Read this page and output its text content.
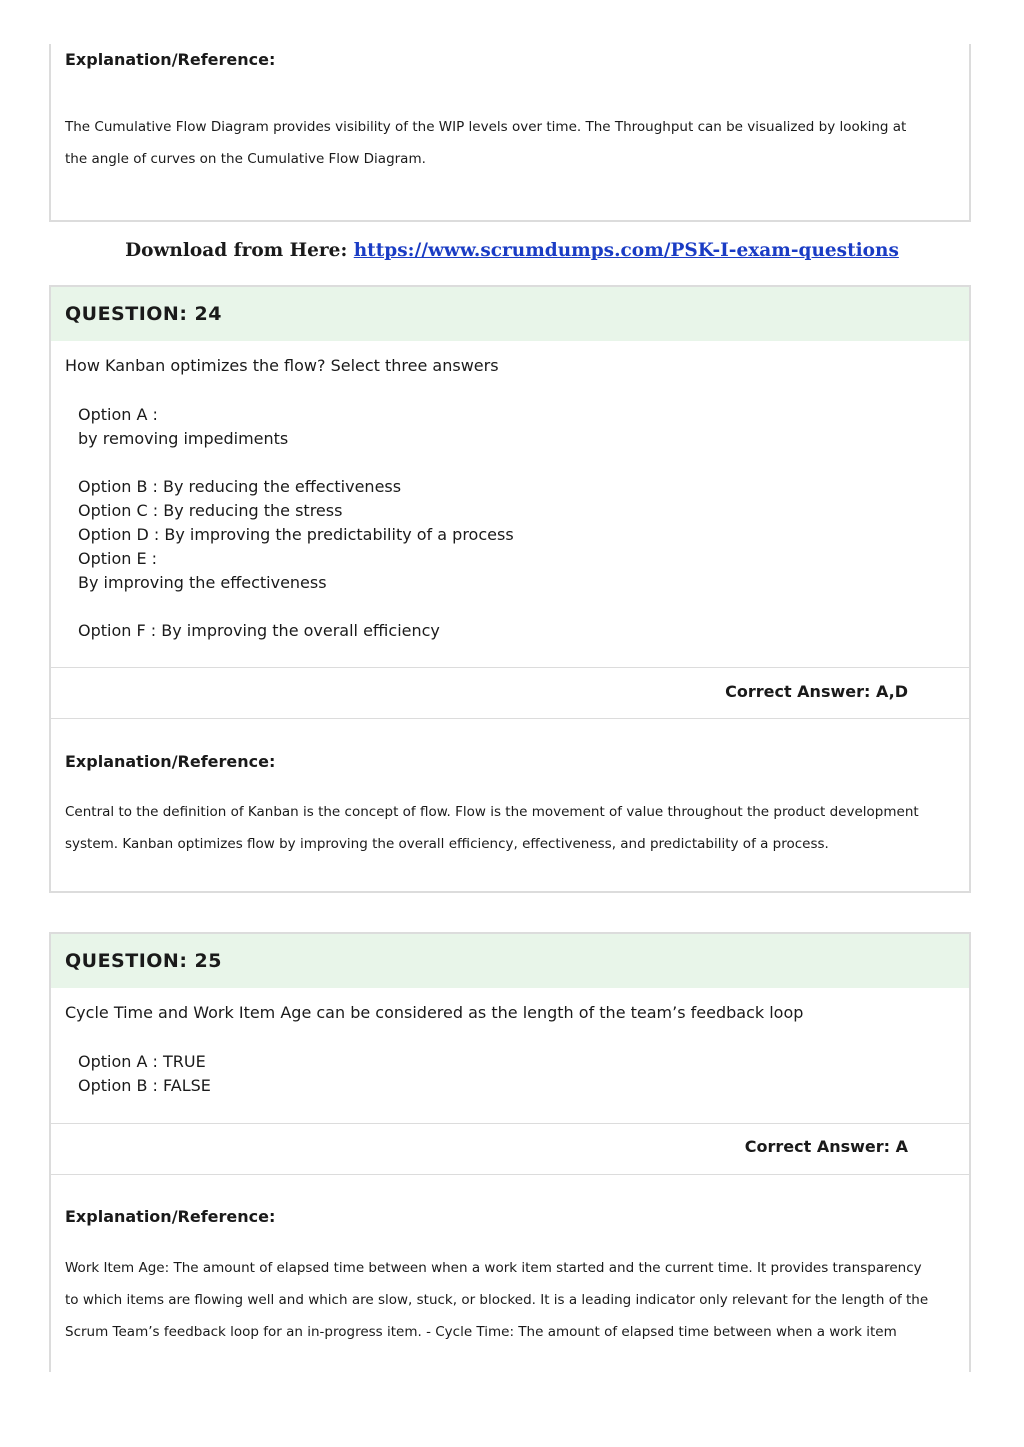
Explanation/Reference:
The Cumulative Flow Diagram provides visibility of the WIP levels over time. The Throughput can be visualized by looking at
the angle of curves on the Cumulative Flow Diagram.
Download from Here: https://www.scrumdumps.com/PSK-I-exam-questions
QUESTION: 24
How Kanban optimizes the flow? Select three answers
Option A :
by removing impediments
Option B : By reducing the effectiveness
Option C : By reducing the stress
Option D : By improving the predictability of a process
Option E :
By improving the effectiveness
Option F : By improving the overall efficiency
Correct Answer: A,D
Explanation/Reference:
Central to the definition of Kanban is the concept of flow. Flow is the movement of value throughout the product development
system. Kanban optimizes flow by improving the overall efficiency, effectiveness, and predictability of a process.
QUESTION: 25
Cycle Time and Work Item Age can be considered as the length of the team’s feedback loop
Option A : TRUE
Option B : FALSE
Correct Answer: A
Explanation/Reference:
Work Item Age: The amount of elapsed time between when a work item started and the current time. It provides transparency
to which items are flowing well and which are slow, stuck, or blocked. It is a leading indicator only relevant for the length of the
Scrum Team’s feedback loop for an in-progress item. - Cycle Time: The amount of elapsed time between when a work item
